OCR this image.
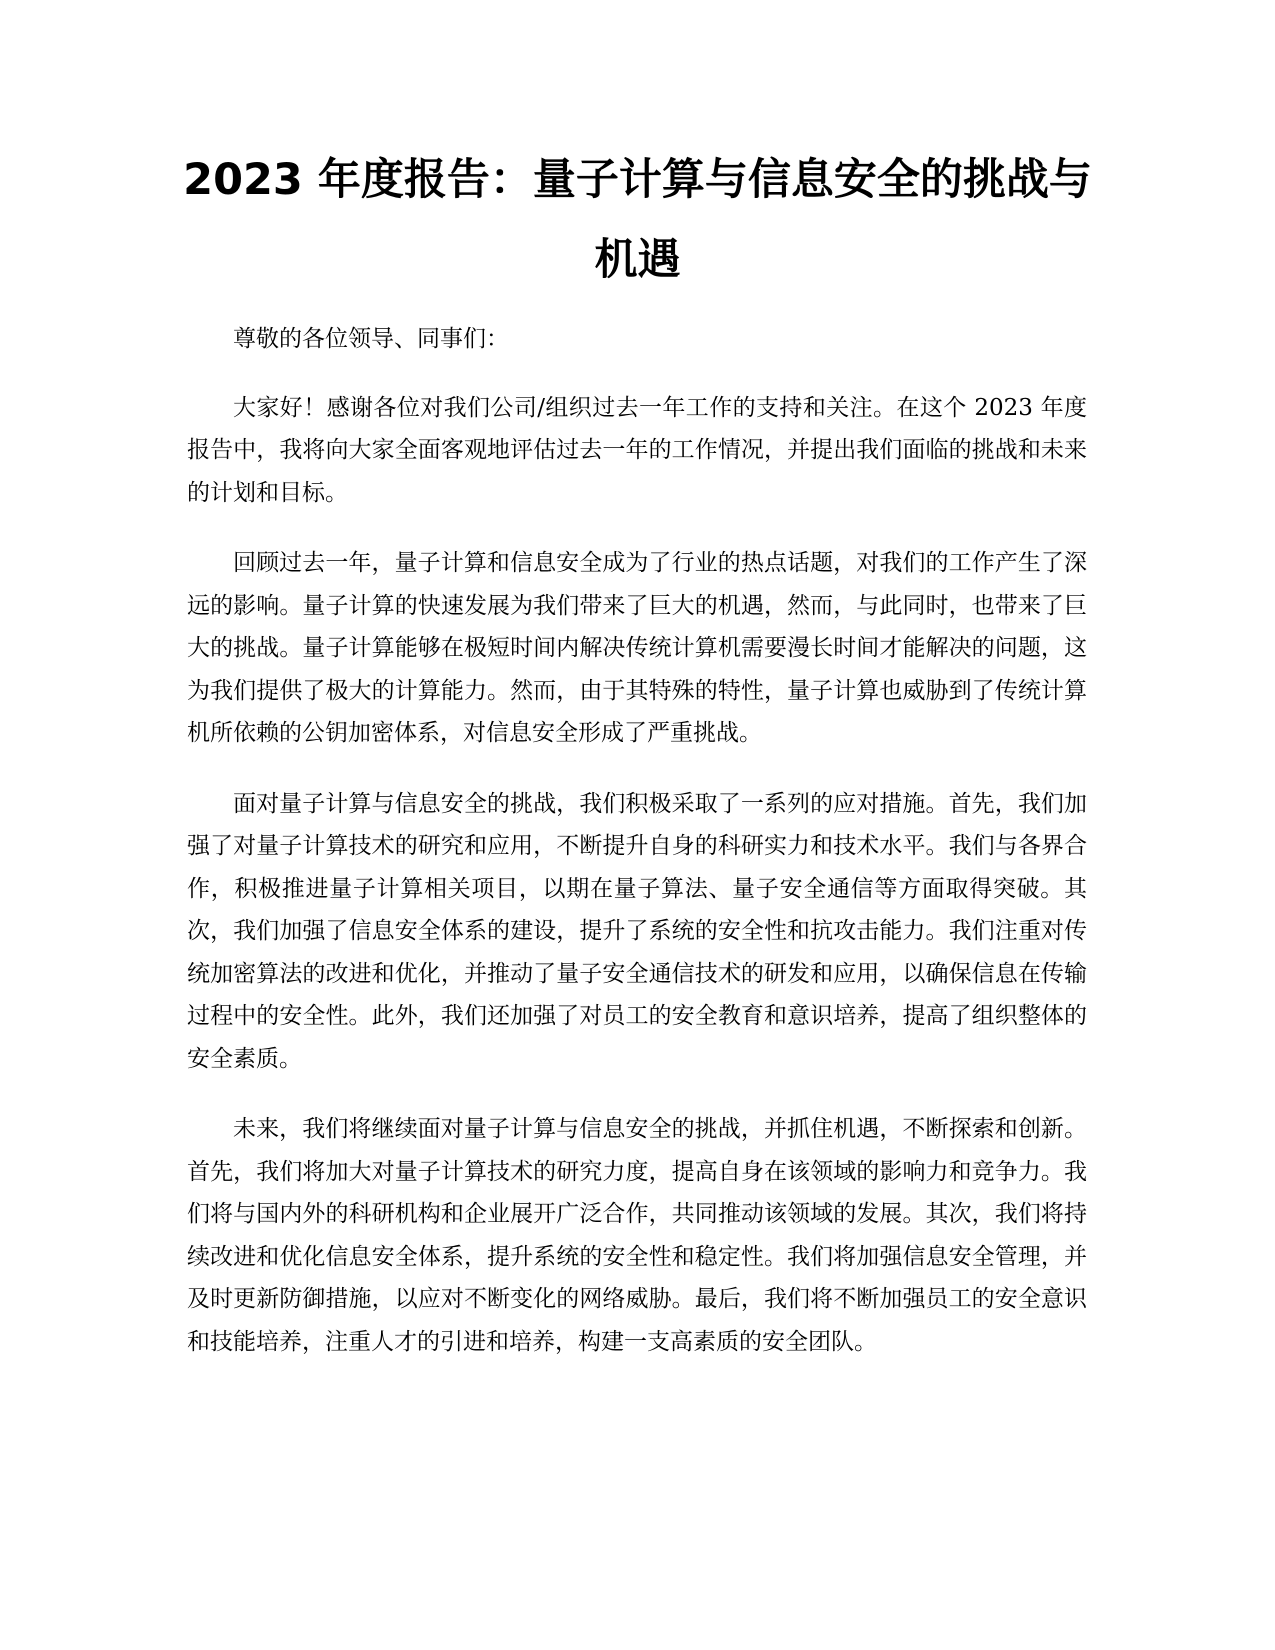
2023 年度报告：量子计算与信息安全的挑战与机遇

尊敬的各位领导、同事们：

大家好！感谢各位对我们公司/组织过去一年工作的支持和关注。在这个 2023 年度报告中，我将向大家全面客观地评估过去一年的工作情况，并提出我们面临的挑战和未来的计划和目标。

回顾过去一年，量子计算和信息安全成为了行业的热点话题，对我们的工作产生了深远的影响。量子计算的快速发展为我们带来了巨大的机遇，然而，与此同时，也带来了巨大的挑战。量子计算能够在极短时间内解决传统计算机需要漫长时间才能解决的问题，这为我们提供了极大的计算能力。然而，由于其特殊的特性，量子计算也威胁到了传统计算机所依赖的公钥加密体系，对信息安全形成了严重挑战。

面对量子计算与信息安全的挑战，我们积极采取了一系列的应对措施。首先，我们加强了对量子计算技术的研究和应用，不断提升自身的科研实力和技术水平。我们与各界合作，积极推进量子计算相关项目，以期在量子算法、量子安全通信等方面取得突破。其次，我们加强了信息安全体系的建设，提升了系统的安全性和抗攻击能力。我们注重对传统加密算法的改进和优化，并推动了量子安全通信技术的研发和应用，以确保信息在传输过程中的安全性。此外，我们还加强了对员工的安全教育和意识培养，提高了组织整体的安全素质。

未来，我们将继续面对量子计算与信息安全的挑战，并抓住机遇，不断探索和创新。首先，我们将加大对量子计算技术的研究力度，提高自身在该领域的影响力和竞争力。我们将与国内外的科研机构和企业展开广泛合作，共同推动该领域的发展。其次，我们将持续改进和优化信息安全体系，提升系统的安全性和稳定性。我们将加强信息安全管理，并及时更新防御措施，以应对不断变化的网络威胁。最后，我们将不断加强员工的安全意识和技能培养，注重人才的引进和培养，构建一支高素质的安全团队。
